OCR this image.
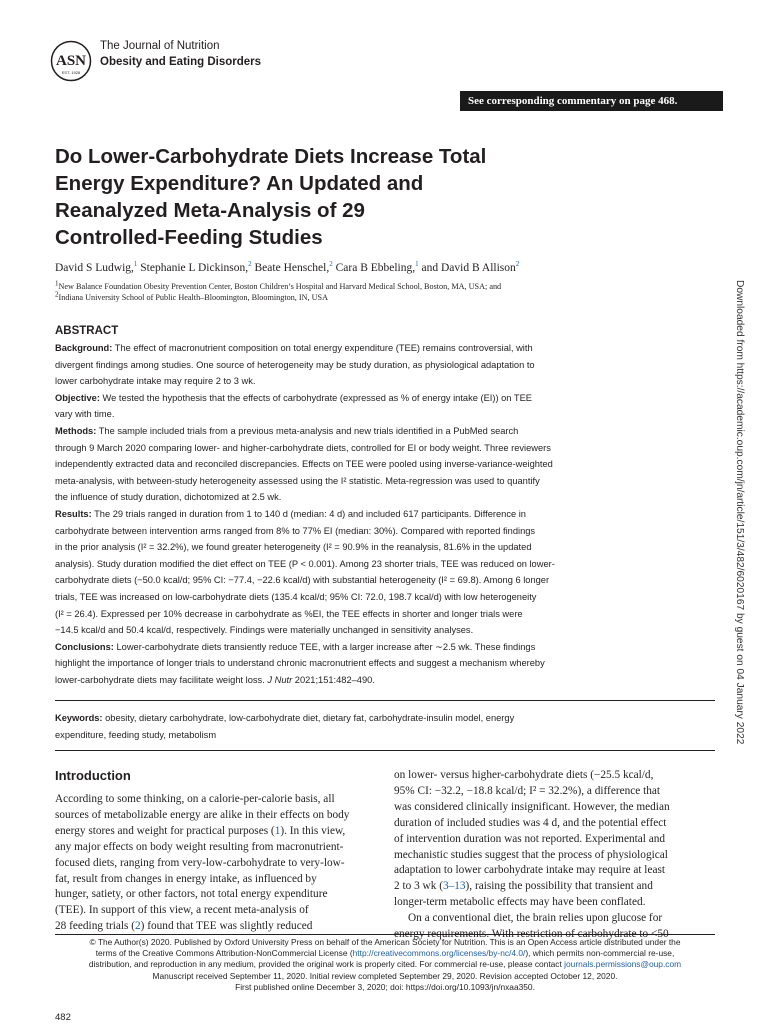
ASN
EST. 1928
The Journal of Nutrition
Obesity and Eating Disorders
See corresponding commentary on page 468.
Do Lower-Carbohydrate Diets Increase Total
Energy Expenditure? An Updated and
Reanalyzed Meta-Analysis of 29
Controlled-Feeding Studies
David S Ludwig,$^1$ Stephanie L Dickinson,$^2$ Beate Henschel,$^2$ Cara B Ebbeling,$^1$ and David B Allison$^2$
$^1$New Balance Foundation Obesity Prevention Center, Boston Children’s Hospital and Harvard Medical School, Boston, MA, USA; and
$^2$Indiana University School of Public Health–Bloomington, Bloomington, IN, USA	Downloaded from https://academic.oup.com/jn/article/151/3/482/6020167 by guest on 04 January 2022
ABSTRACT
Background: The effect of macronutrient composition on total energy expenditure (TEE) remains controversial, with
divergent findings among studies. One source of heterogeneity may be study duration, as physiological adaptation to
lower carbohydrate intake may require 2 to 3 wk.
Objective: We tested the hypothesis that the effects of carbohydrate (expressed as % of energy intake (EI)) on TEE
vary with time.
Methods: The sample included trials from a previous meta-analysis and new trials identified in a PubMed search
through 9 March 2020 comparing lower- and higher-carbohydrate diets, controlled for EI or body weight. Three reviewers
independently extracted data and reconciled discrepancies. Effects on TEE were pooled using inverse-variance-weighted
meta-analysis, with between-study heterogeneity assessed using the I² statistic. Meta-regression was used to quantify
the influence of study duration, dichotomized at 2.5 wk.
Results: The 29 trials ranged in duration from 1 to 140 d (median: 4 d) and included 617 participants. Difference in
carbohydrate between intervention arms ranged from 8% to 77% EI (median: 30%). Compared with reported findings
in the prior analysis (I² = 32.2%), we found greater heterogeneity (I² = 90.9% in the reanalysis, 81.6% in the updated
analysis). Study duration modified the diet effect on TEE (P < 0.001). Among 23 shorter trials, TEE was reduced on lower-
carbohydrate diets (−50.0 kcal/d; 95% CI: −77.4, −22.6 kcal/d) with substantial heterogeneity (I² = 69.8). Among 6 longer
trials, TEE was increased on low-carbohydrate diets (135.4 kcal/d; 95% CI: 72.0, 198.7 kcal/d) with low heterogeneity
(I² = 26.4). Expressed per 10% decrease in carbohydrate as %EI, the TEE effects in shorter and longer trials were
−14.5 kcal/d and 50.4 kcal/d, respectively. Findings were materially unchanged in sensitivity analyses.
Conclusions: Lower-carbohydrate diets transiently reduce TEE, with a larger increase after ∼2.5 wk. These findings
highlight the importance of longer trials to understand chronic macronutrient effects and suggest a mechanism whereby
lower-carbohydrate diets may facilitate weight loss. J Nutr 2021;151:482–490.
Keywords: obesity, dietary carbohydrate, low-carbohydrate diet, dietary fat, carbohydrate-insulin model, energy
expenditure, feeding study, metabolism
Introduction
According to some thinking, on a calorie-per-calorie basis, all
sources of metabolizable energy are alike in their effects on body
energy stores and weight for practical purposes (1). In this view,
any major effects on body weight resulting from macronutrient-
focused diets, ranging from very-low-carbohydrate to very-low-
fat, result from changes in energy intake, as influenced by
hunger, satiety, or other factors, not total energy expenditure
(TEE). In support of this view, a recent meta-analysis of
28 feeding trials (2) found that TEE was slightly reduced
on lower- versus higher-carbohydrate diets (−25.5 kcal/d,
95% CI: −32.2, −18.8 kcal/d; I² = 32.2%), a difference that
was considered clinically insignificant. However, the median
duration of included studies was 4 d, and the potential effect
of intervention duration was not reported. Experimental and
mechanistic studies suggest that the process of physiological
adaptation to lower carbohydrate intake may require at least
2 to 3 wk (3–13), raising the possibility that transient and
longer-term metabolic effects may have been conflated.
On a conventional diet, the brain relies upon glucose for
energy requirements. With restriction of carbohydrate to <50
© The Author(s) 2020. Published by Oxford University Press on behalf of the American Society for Nutrition. This is an Open Access article distributed under the
terms of the Creative Commons Attribution-NonCommercial License (http://creativecommons.org/licenses/by-nc/4.0/), which permits non-commercial re-use,
distribution, and reproduction in any medium, provided the original work is properly cited. For commercial re-use, please contact journals.permissions@oup.com
Manuscript received September 11, 2020. Initial review completed September 29, 2020. Revision accepted October 12, 2020.
First published online December 3, 2020; doi: https://doi.org/10.1093/jn/nxaa350.
482
